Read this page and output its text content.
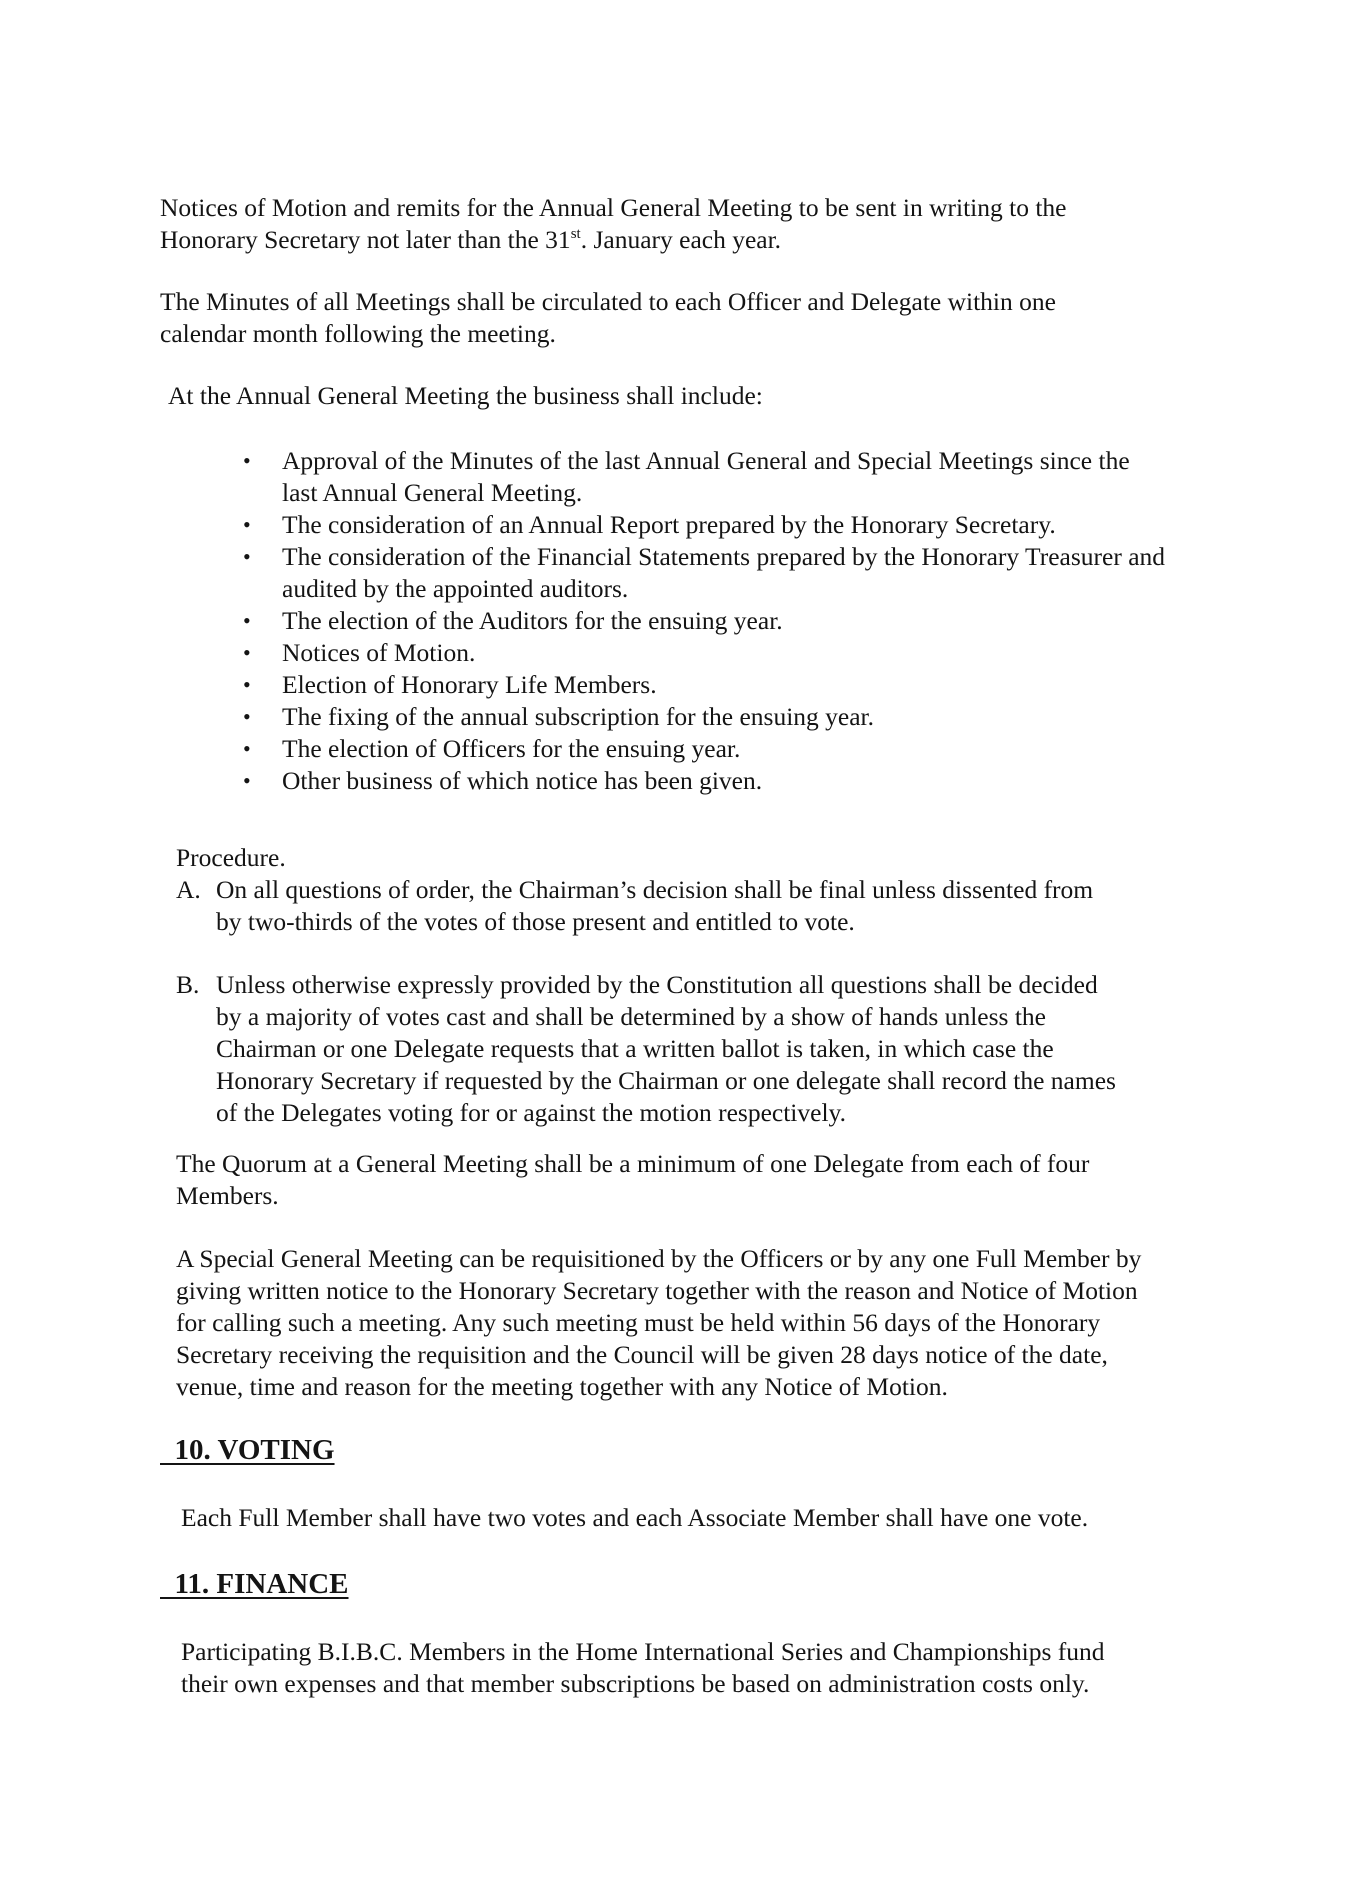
Notices of Motion and remits for the Annual General Meeting to be sent in writing to the
Honorary Secretary not later than the 31st. January each year.

The Minutes of all Meetings shall be circulated to each Officer and Delegate within one
calendar month following the meeting.

At the Annual General Meeting the business shall include:

• Approval of the Minutes of the last Annual General and Special Meetings since the
last Annual General Meeting.
• The consideration of an Annual Report prepared by the Honorary Secretary.
• The consideration of the Financial Statements prepared by the Honorary Treasurer and
audited by the appointed auditors.
• The election of the Auditors for the ensuing year.
• Notices of Motion.
• Election of Honorary Life Members.
• The fixing of the annual subscription for the ensuing year.
• The election of Officers for the ensuing year.
• Other business of which notice has been given.

Procedure.

A. On all questions of order, the Chairman’s decision shall be final unless dissented from
by two-thirds of the votes of those present and entitled to vote.
B. Unless otherwise expressly provided by the Constitution all questions shall be decided
by a majority of votes cast and shall be determined by a show of hands unless the
Chairman or one Delegate requests that a written ballot is taken, in which case the
Honorary Secretary if requested by the Chairman or one delegate shall record the names
of the Delegates voting for or against the motion respectively.

The Quorum at a General Meeting shall be a minimum of one Delegate from each of four
Members.

A Special General Meeting can be requisitioned by the Officers or by any one Full Member by
giving written notice to the Honorary Secretary together with the reason and Notice of Motion
for calling such a meeting. Any such meeting must be held within 56 days of the Honorary
Secretary receiving the requisition and the Council will be given 28 days notice of the date,
venue, time and reason for the meeting together with any Notice of Motion.

10. VOTING

Each Full Member shall have two votes and each Associate Member shall have one vote.

11. FINANCE

Participating B.I.B.C. Members in the Home International Series and Championships fund
their own expenses and that member subscriptions be based on administration costs only.
